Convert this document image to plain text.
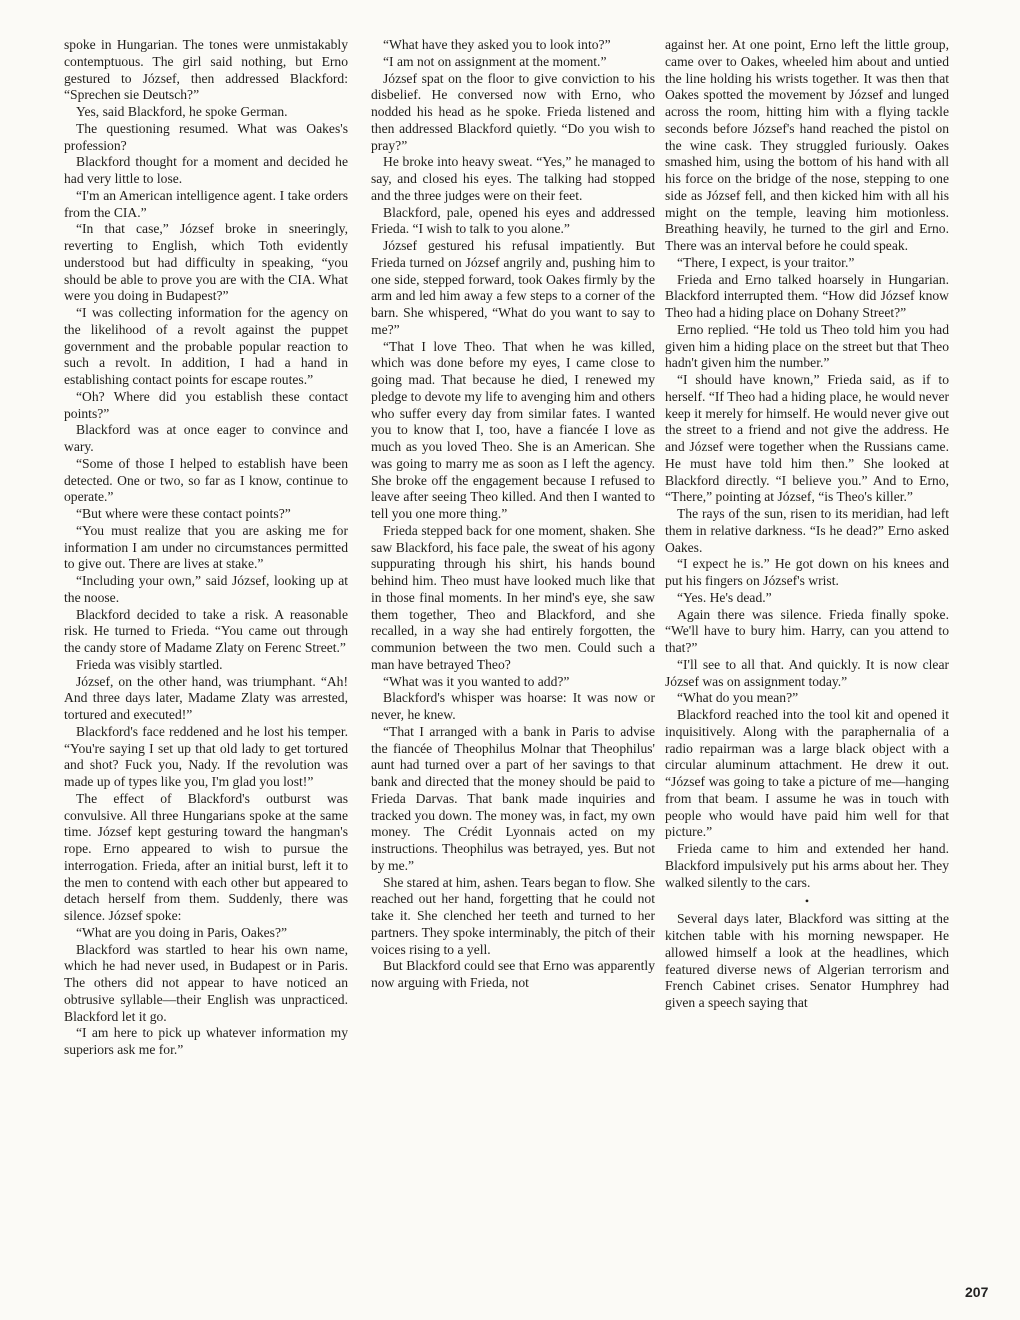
spoke in Hungarian. The tones were unmistakably contemptuous. The girl said nothing, but Erno gestured to József, then addressed Blackford: “Sprechen sie Deutsch?”

Yes, said Blackford, he spoke German.

The questioning resumed. What was Oakes's profession?

Blackford thought for a moment and decided he had very little to lose.

“I'm an American intelligence agent. I take orders from the CIA.”

“In that case,” József broke in sneeringly, reverting to English, which Toth evidently understood but had difficulty in speaking, “you should be able to prove you are with the CIA. What were you doing in Budapest?”

“I was collecting information for the agency on the likelihood of a revolt against the puppet government and the probable popular reaction to such a revolt. In addition, I had a hand in establishing contact points for escape routes.”

“Oh? Where did you establish these contact points?”

Blackford was at once eager to convince and wary.

“Some of those I helped to establish have been detected. One or two, so far as I know, continue to operate.”

“But where were these contact points?”

“You must realize that you are asking me for information I am under no circumstances permitted to give out. There are lives at stake.”

“Including your own,” said József, looking up at the noose.

Blackford decided to take a risk. A reasonable risk. He turned to Frieda. “You came out through the candy store of Madame Zlaty on Ferenc Street.”

Frieda was visibly startled.

József, on the other hand, was triumphant. “Ah! And three days later, Madame Zlaty was arrested, tortured and executed!”

Blackford's face reddened and he lost his temper. “You're saying I set up that old lady to get tortured and shot? Fuck you, Nady. If the revolution was made up of types like you, I'm glad you lost!”

The effect of Blackford's outburst was convulsive. All three Hungarians spoke at the same time. József kept gesturing toward the hangman's rope. Erno appeared to wish to pursue the interrogation. Frieda, after an initial burst, left it to the men to contend with each other but appeared to detach herself from them. Suddenly, there was silence. József spoke:

“What are you doing in Paris, Oakes?”

Blackford was startled to hear his own name, which he had never used, in Budapest or in Paris. The others did not appear to have noticed an obtrusive syllable—their English was unpracticed. Blackford let it go.

“I am here to pick up whatever information my superiors ask me for.”

“What have they asked you to look into?”

“I am not on assignment at the moment.”

József spat on the floor to give conviction to his disbelief. He conversed now with Erno, who nodded his head as he spoke. Frieda listened and then addressed Blackford quietly. “Do you wish to pray?”

He broke into heavy sweat. “Yes,” he managed to say, and closed his eyes. The talking had stopped and the three judges were on their feet.

Blackford, pale, opened his eyes and addressed Frieda. “I wish to talk to you alone.”

József gestured his refusal impatiently. But Frieda turned on József angrily and, pushing him to one side, stepped forward, took Oakes firmly by the arm and led him away a few steps to a corner of the barn. She whispered, “What do you want to say to me?”

“That I love Theo. That when he was killed, which was done before my eyes, I came close to going mad. That because he died, I renewed my pledge to devote my life to avenging him and others who suffer every day from similar fates. I wanted you to know that I, too, have a fiancée I love as much as you loved Theo. She is an American. She was going to marry me as soon as I left the agency. She broke off the engagement because I refused to leave after seeing Theo killed. And then I wanted to tell you one more thing.”

Frieda stepped back for one moment, shaken. She saw Blackford, his face pale, the sweat of his agony suppurating through his shirt, his hands bound behind him. Theo must have looked much like that in those final moments. In her mind's eye, she saw them together, Theo and Blackford, and she recalled, in a way she had entirely forgotten, the communion between the two men. Could such a man have betrayed Theo?

“What was it you wanted to add?”

Blackford's whisper was hoarse: It was now or never, he knew.

“That I arranged with a bank in Paris to advise the fiancée of Theophilus Molnar that Theophilus' aunt had turned over a part of her savings to that bank and directed that the money should be paid to Frieda Darvas. That bank made inquiries and tracked you down. The money was, in fact, my own money. The Crédit Lyonnais acted on my instructions. Theophilus was betrayed, yes. But not by me.”

She stared at him, ashen. Tears began to flow. She reached out her hand, forgetting that he could not take it. She clenched her teeth and turned to her partners. They spoke interminably, the pitch of their voices rising to a yell.

But Blackford could see that Erno was apparently now arguing with Frieda, not

against her. At one point, Erno left the little group, came over to Oakes, wheeled him about and untied the line holding his wrists together. It was then that Oakes spotted the movement by József and lunged across the room, hitting him with a flying tackle seconds before József's hand reached the pistol on the wine cask. They struggled furiously. Oakes smashed him, using the bottom of his hand with all his force on the bridge of the nose, stepping to one side as József fell, and then kicked him with all his might on the temple, leaving him motionless. Breathing heavily, he turned to the girl and Erno. There was an interval before he could speak.

“There, I expect, is your traitor.”

Frieda and Erno talked hoarsely in Hungarian. Blackford interrupted them. “How did József know Theo had a hiding place on Dohany Street?”

Erno replied. “He told us Theo told him you had given him a hiding place on the street but that Theo hadn't given him the number.”

“I should have known,” Frieda said, as if to herself. “If Theo had a hiding place, he would never keep it merely for himself. He would never give out the street to a friend and not give the address. He and József were together when the Russians came. He must have told him then.” She looked at Blackford directly. “I believe you.” And to Erno, “There,” pointing at József, “is Theo's killer.”

The rays of the sun, risen to its meridian, had left them in relative darkness. “Is he dead?” Erno asked Oakes.

“I expect he is.” He got down on his knees and put his fingers on József's wrist.

“Yes. He's dead.”

Again there was silence. Frieda finally spoke. “We'll have to bury him. Harry, can you attend to that?”

“I'll see to all that. And quickly. It is now clear József was on assignment today.”

“What do you mean?”

Blackford reached into the tool kit and opened it inquisitively. Along with the paraphernalia of a radio repairman was a large black object with a circular aluminum attachment. He drew it out. “József was going to take a picture of me—hanging from that beam. I assume he was in touch with people who would have paid him well for that picture.”

Frieda came to him and extended her hand. Blackford impulsively put his arms about her. They walked silently to the cars.

•

Several days later, Blackford was sitting at the kitchen table with his morning newspaper. He allowed himself a look at the headlines, which featured diverse news of Algerian terrorism and French Cabinet crises. Senator Humphrey had given a speech saying that

207
